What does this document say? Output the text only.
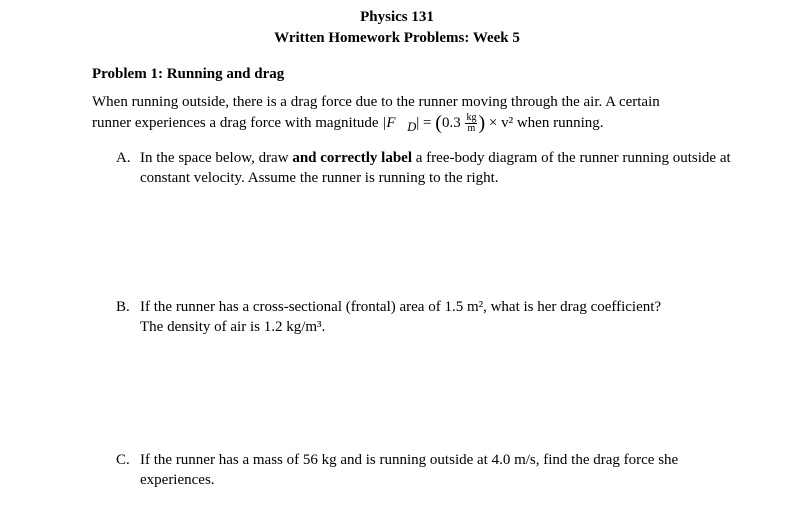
Physics 131
Written Homework Problems: Week 5
Problem 1: Running and drag
When running outside, there is a drag force due to the runner moving through the air. A certain
runner experiences a drag force with magnitude $|F⃗_D| = (0.3 \frac{kg}{m}$ ) × v² when running.
A. In the space below, draw and correctly label a free-body diagram of the runner running outside at constant velocity. Assume the runner is running to the right.
B. If the runner has a cross-sectional (frontal) area of 1.5 m², what is her drag coefficient?
The density of air is 1.2 kg/m³.
C. If the runner has a mass of 56 kg and is running outside at 4.0 m/s, find the drag force she experiences.
